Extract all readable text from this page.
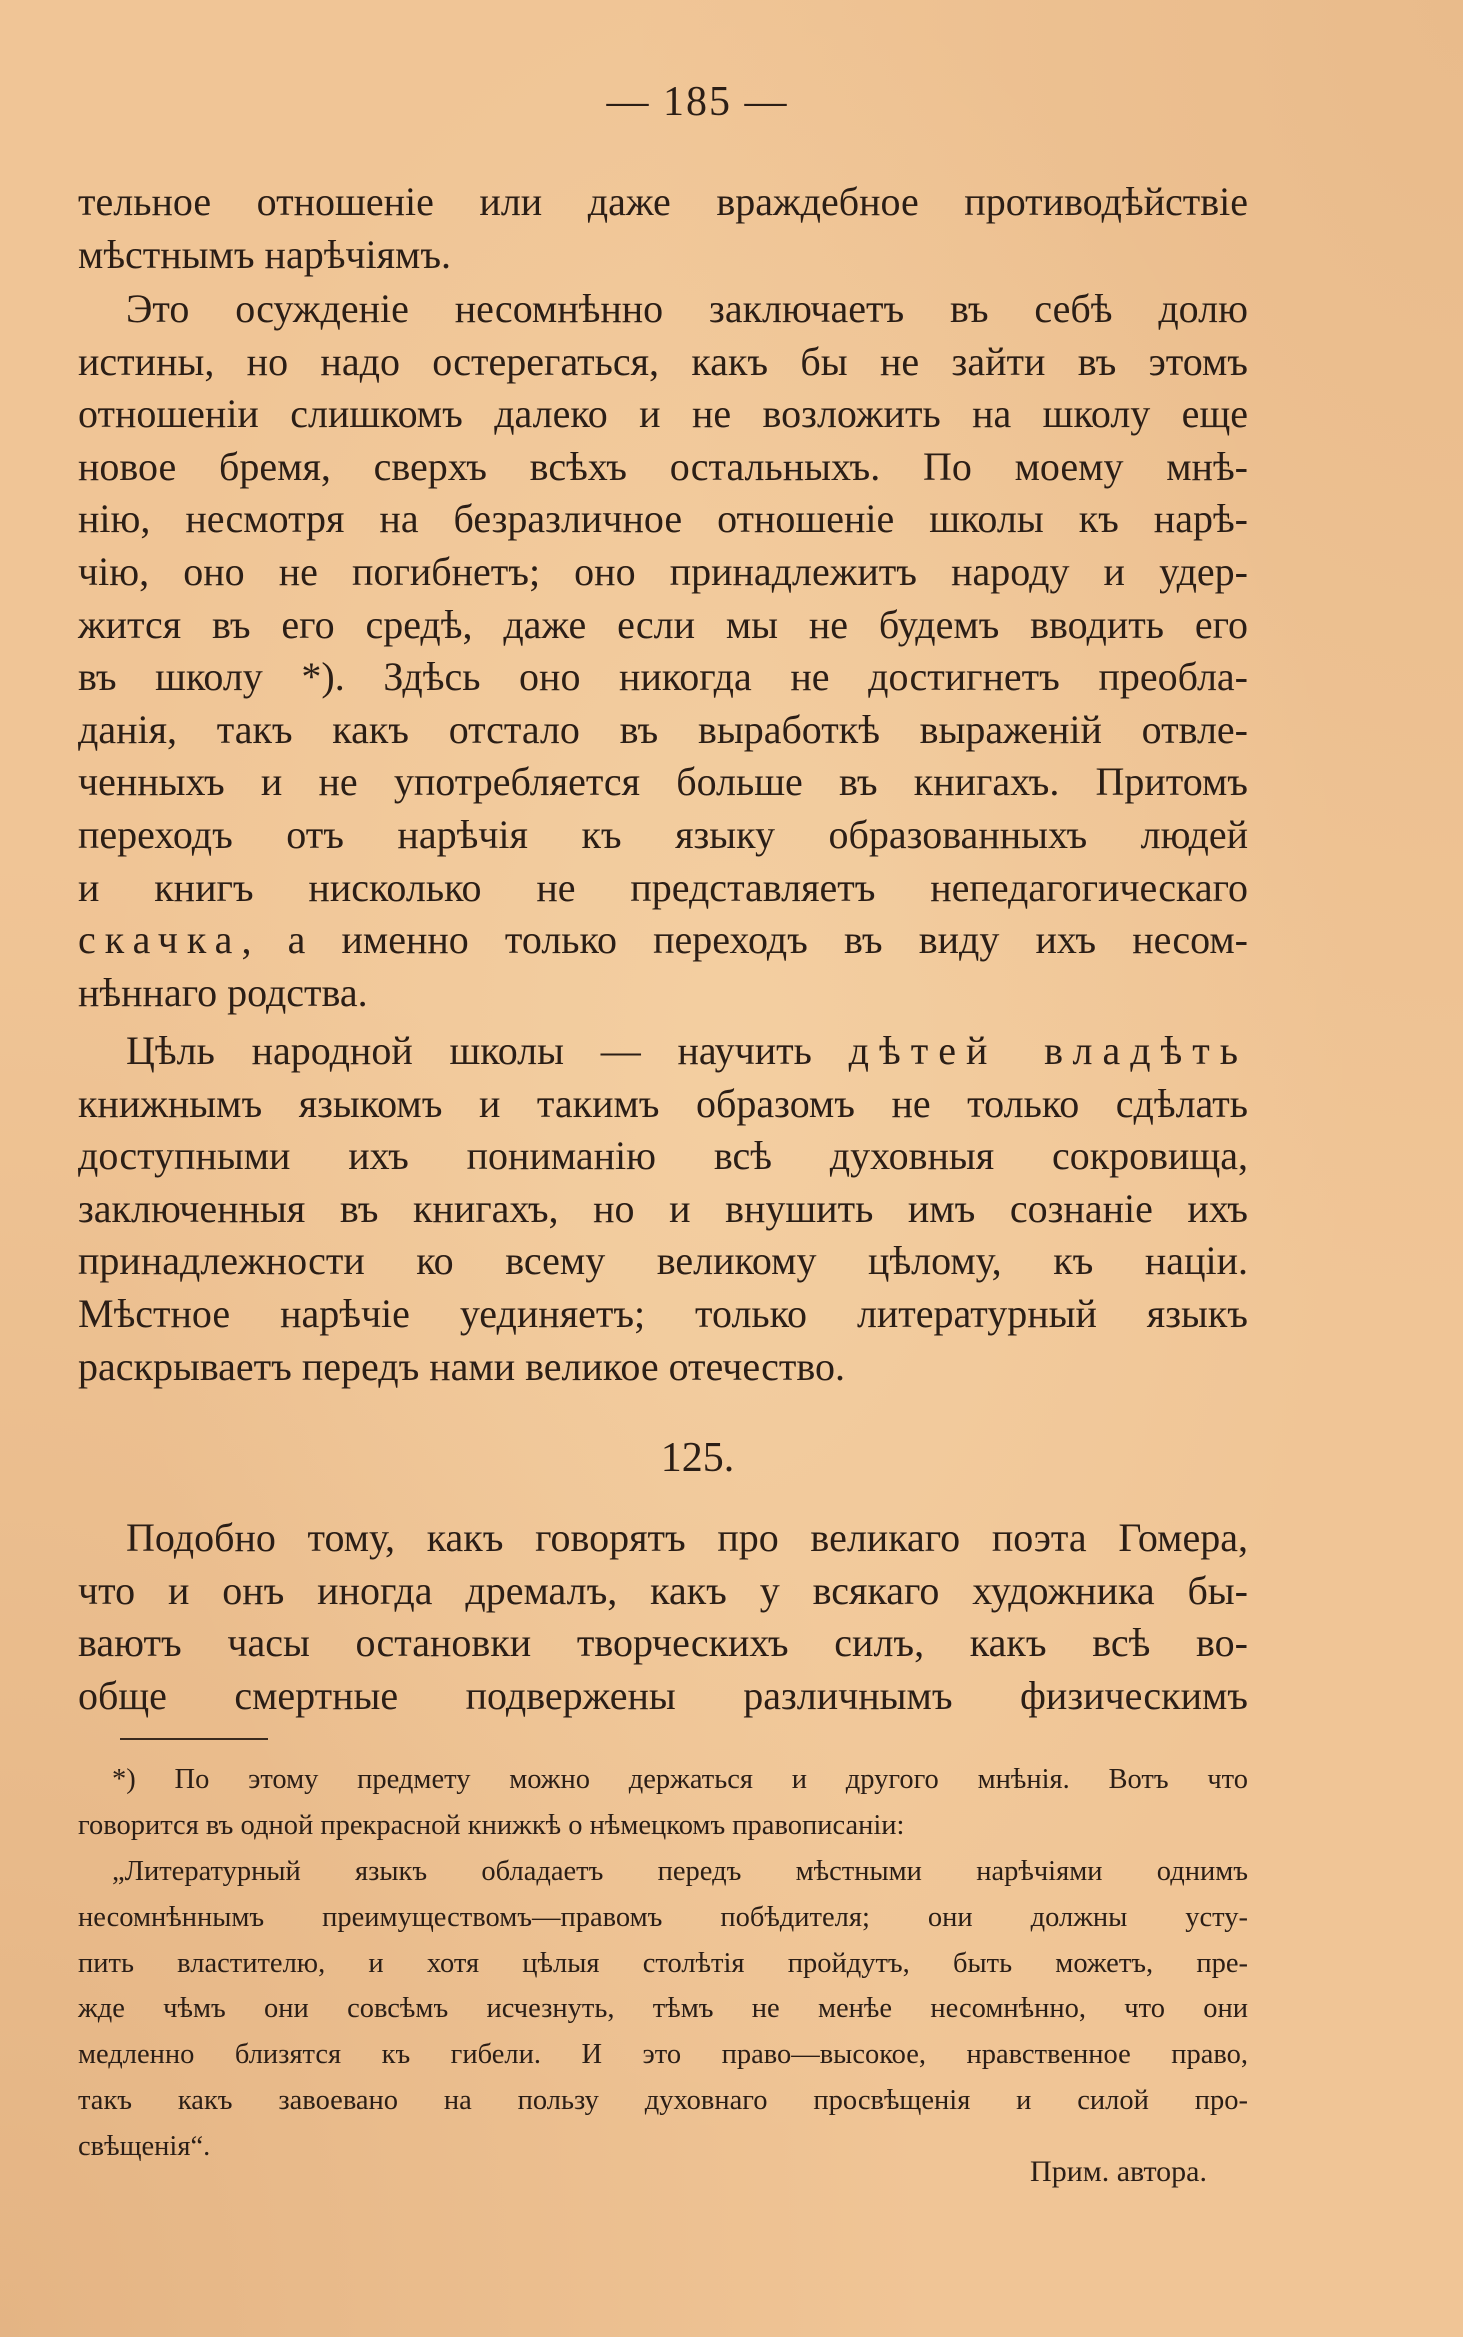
— 185 —
тельное отношеніе или даже враждебное противодѣйствіе
мѣстнымъ нарѣчіямъ.
Это осужденіе несомнѣнно заключаетъ въ себѣ долю
истины, но надо остерегаться, какъ бы не зайти въ этомъ
отношеніи слишкомъ далеко и не возложить на школу еще
новое бремя, сверхъ всѣхъ остальныхъ. По моему мнѣ-
нію, несмотря на безразличное отношеніе школы къ нарѣ-
чію, оно не погибнетъ; оно принадлежитъ народу и удер-
жится въ его средѣ, даже если мы не будемъ вводить его
въ школу *). Здѣсь оно никогда не достигнетъ преобла-
данія, такъ какъ отстало въ выработкѣ выраженій отвле-
ченныхъ и не употребляется больше въ книгахъ. Притомъ
переходъ отъ нарѣчія къ языку образованныхъ людей
и книгъ нисколько не представляетъ непедагогическаго
скачка, а именно только переходъ въ виду ихъ несом-
нѣннаго родства.
Цѣль народной школы — научить дѣтей владѣть
книжнымъ языкомъ и такимъ образомъ не только сдѣлать
доступными ихъ пониманію всѣ духовныя сокровища,
заключенныя въ книгахъ, но и внушить имъ сознаніе ихъ
принадлежности ко всему великому цѣлому, къ націи.
Мѣстное нарѣчіе уединяетъ; только литературный языкъ
раскрываетъ передъ нами великое отечество.
125.
Подобно тому, какъ говорятъ про великаго поэта Гомера,
что и онъ иногда дремалъ, какъ у всякаго художника бы-
ваютъ часы остановки творческихъ силъ, какъ всѣ во-
обще смертные подвержены различнымъ физическимъ
*) По этому предмету можно держаться и другого мнѣнія. Вотъ что
говорится въ одной прекрасной книжкѣ о нѣмецкомъ правописаніи:
„Литературный языкъ обладаетъ передъ мѣстными нарѣчіями однимъ
несомнѣннымъ преимуществомъ—правомъ побѣдителя; они должны усту-
пить властителю, и хотя цѣлыя столѣтія пройдутъ, быть можетъ, пре-
жде чѣмъ они совсѣмъ исчезнуть, тѣмъ не менѣе несомнѣнно, что они
медленно близятся къ гибели. И это право—высокое, нравственное право,
такъ какъ завоевано на пользу духовнаго просвѣщенія и силой про-
свѣщенія“.
Прим. автора.
